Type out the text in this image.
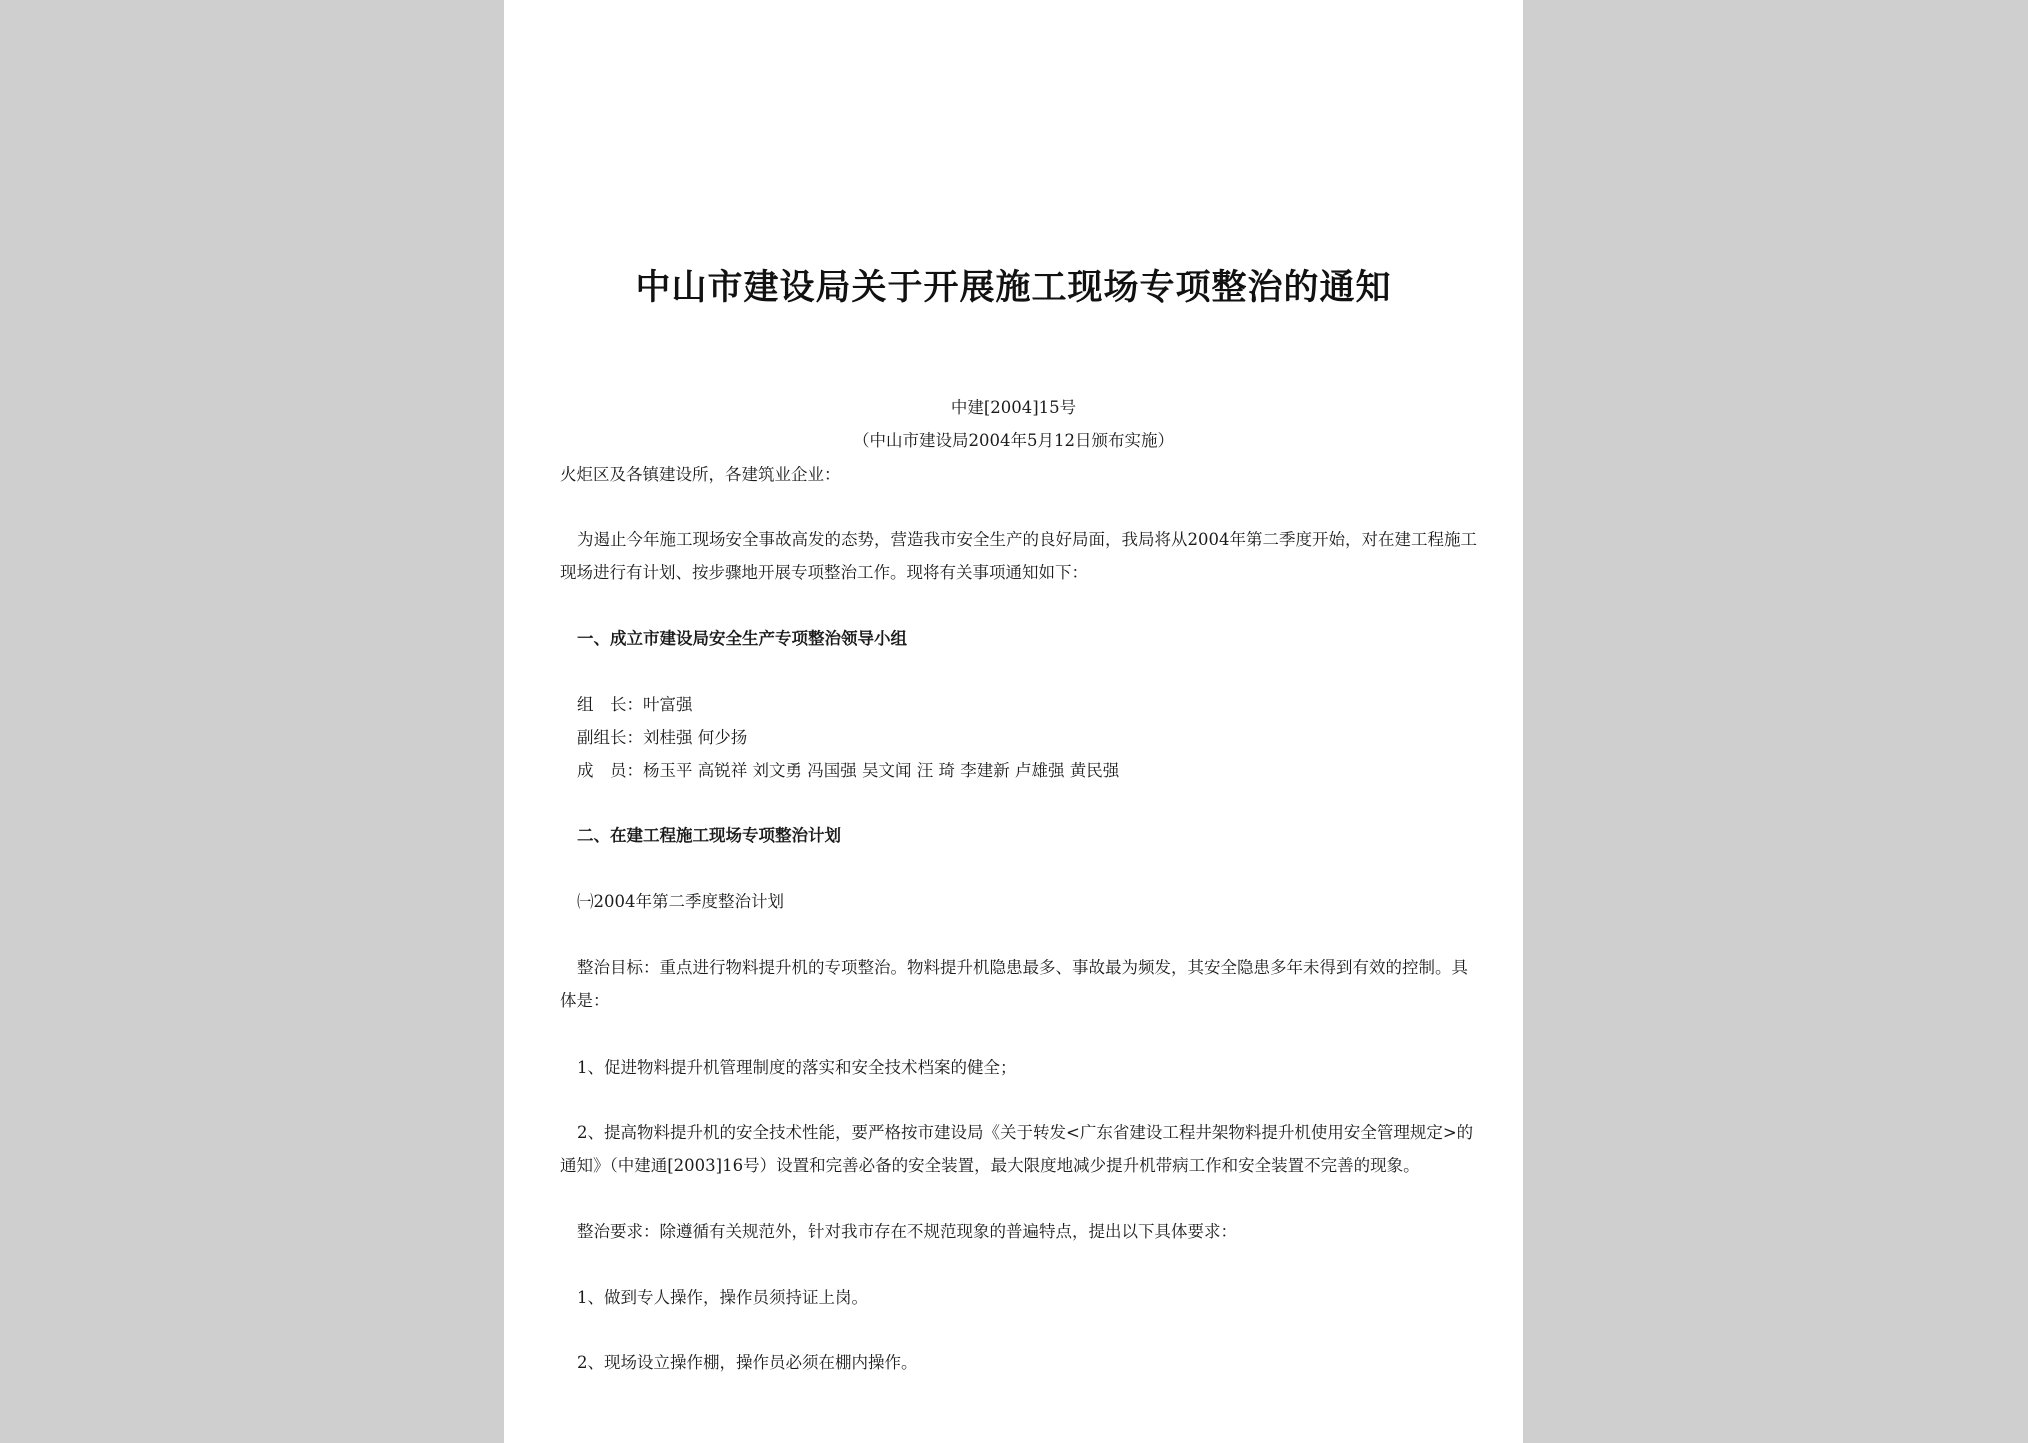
中山市建设局关于开展施工现场专项整治的通知
中建[2004]15号
（中山市建设局2004年5月12日颁布实施）
火炬区及各镇建设所，各建筑业企业：
为遏止今年施工现场安全事故高发的态势，营造我市安全生产的良好局面，我局将从2004年第二季度开始，对在建工程施工
现场进行有计划、按步骤地开展专项整治工作。现将有关事项通知如下：
一、成立市建设局安全生产专项整治领导小组
组　长：叶富强
副组长：刘桂强 何少扬
成　员：杨玉平 高锐祥 刘文勇 冯国强 吴文闻 汪 琦 李建新 卢雄强 黄民强
二、在建工程施工现场专项整治计划
㈠2004年第二季度整治计划
整治目标：重点进行物料提升机的专项整治。物料提升机隐患最多、事故最为频发，其安全隐患多年未得到有效的控制。具
体是：
1、促进物料提升机管理制度的落实和安全技术档案的健全；
2、提高物料提升机的安全技术性能，要严格按市建设局《关于转发<广东省建设工程井架物料提升机使用安全管理规定>的
通知》（中建通[2003]16号）设置和完善必备的安全装置，最大限度地减少提升机带病工作和安全装置不完善的现象。
整治要求：除遵循有关规范外，针对我市存在不规范现象的普遍特点，提出以下具体要求：
1、做到专人操作，操作员须持证上岗。
2、现场设立操作棚，操作员必须在棚内操作。
